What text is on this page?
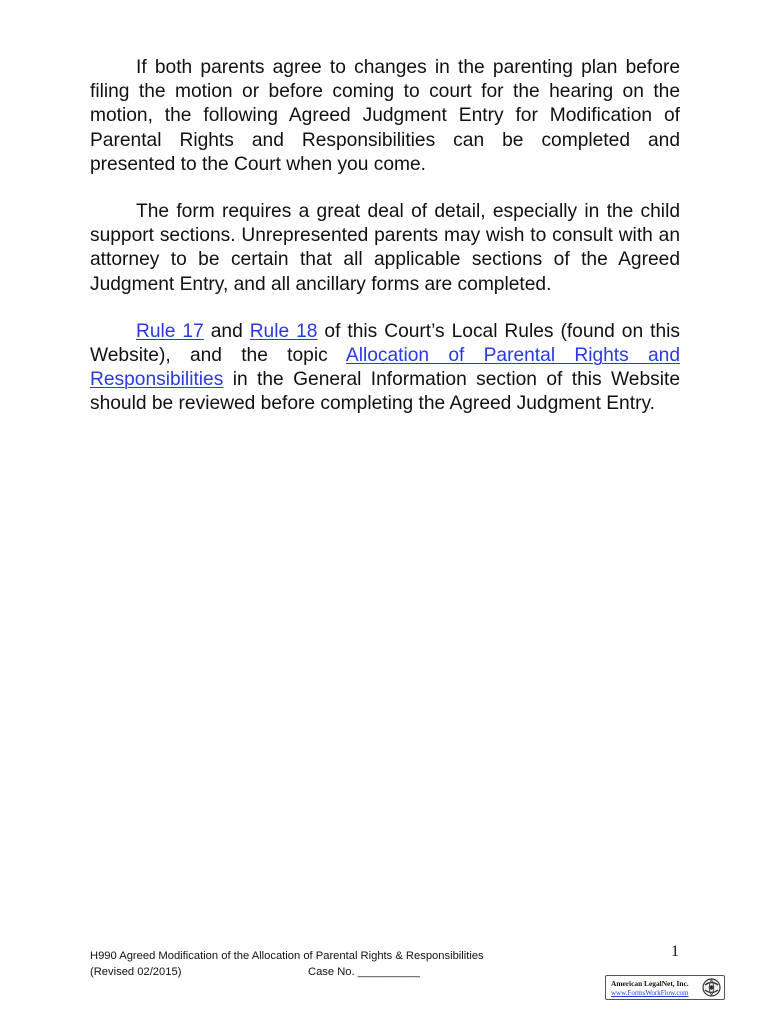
If both parents agree to changes in the parenting plan before filing the motion or before coming to court for the hearing on the motion, the following Agreed Judgment Entry for Modification of Parental Rights and Responsibilities can be completed and presented to the Court when you come.

The form requires a great deal of detail, especially in the child support sections. Unrepresented parents may wish to consult with an attorney to be certain that all applicable sections of the Agreed Judgment Entry, and all ancillary forms are completed.

Rule 17 and Rule 18 of this Court’s Local Rules (found on this Website), and the topic Allocation of Parental Rights and Responsibilities in the General Information section of this Website should be reviewed before completing the Agreed Judgment Entry.

H990 Agreed Modification of the Allocation of Parental Rights & Responsibilities
(Revised 02/2015)	Case No. __________
1
American LegalNet, Inc.
www.FormsWorkFlow.com
